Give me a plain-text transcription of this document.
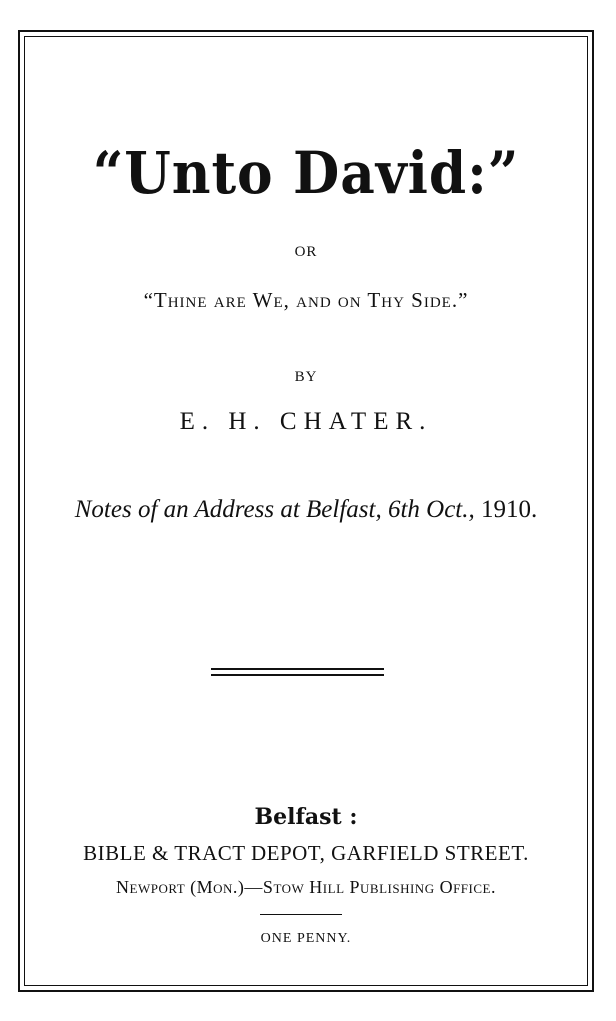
“Unto David:”
OR
“Thine are We, and on Thy Side.”
BY
E. H. CHATER.
Notes of an Address at Belfast, 6th Oct., 1910.
Belfast :
BIBLE & TRACT DEPOT, GARFIELD STREET.
Newport (Mon.)—Stow Hill Publishing Office.
ONE PENNY.
